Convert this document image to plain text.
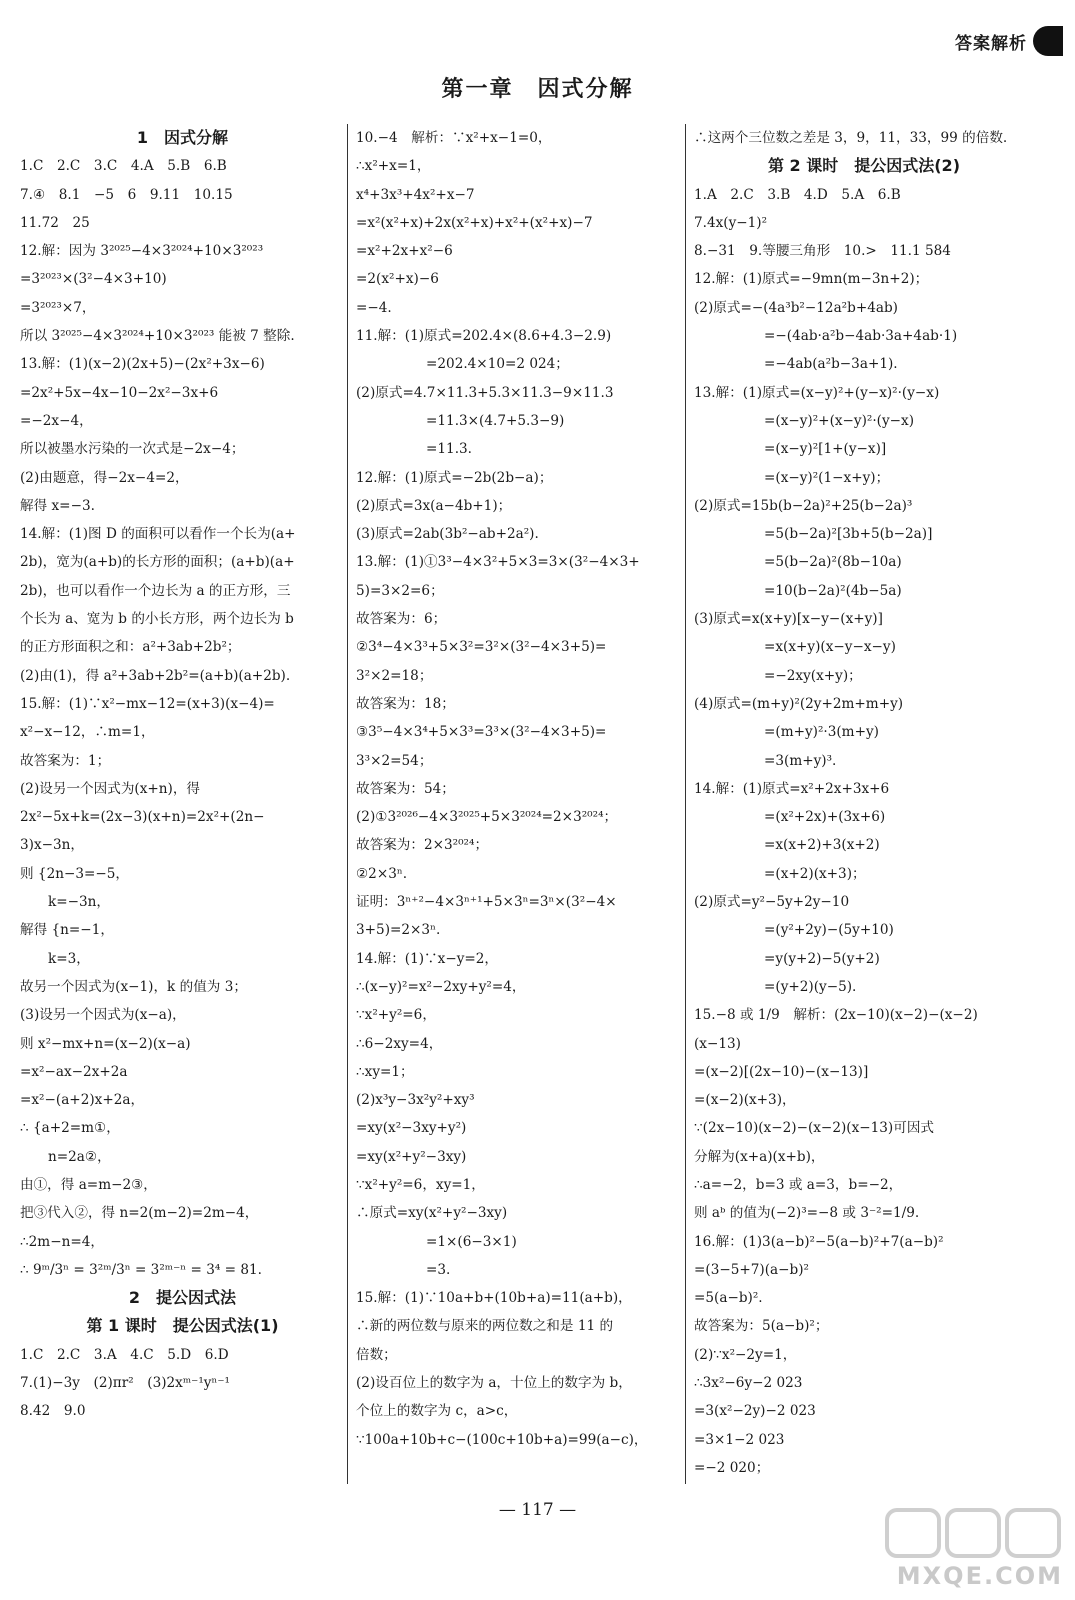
答案解析
第一章　因式分解
1　因式分解
1.C　2.C　3.C　4.A　5.B　6.B
7.④　8.1　−5　6　9.11　10.15
11.72　25
12.解：因为 3²⁰²⁵−4×3²⁰²⁴+10×3²⁰²³
=3²⁰²³×(3²−4×3+10)
=3²⁰²³×7，
所以 3²⁰²⁵−4×3²⁰²⁴+10×3²⁰²³ 能被 7 整除.
13.解：(1)(x−2)(2x+5)−(2x²+3x−6)
=2x²+5x−4x−10−2x²−3x+6
=−2x−4，
所以被墨水污染的一次式是−2x−4；
(2)由题意，得−2x−4=2，
解得 x=−3.
14.解：(1)图 D 的面积可以看作一个长为(a+
2b)，宽为(a+b)的长方形的面积；(a+b)(a+
2b)，也可以看作一个边长为 a 的正方形，三
个长为 a、宽为 b 的小长方形，两个边长为 b
的正方形面积之和：a²+3ab+2b²；
(2)由(1)，得 a²+3ab+2b²=(a+b)(a+2b).
15.解：(1)∵x²−mx−12=(x+3)(x−4)=
x²−x−12，∴m=1，
故答案为：1；
(2)设另一个因式为(x+n)，得
2x²−5x+k=(2x−3)(x+n)=2x²+(2n−
3)x−3n，
则 {2n−3=−5，
k=−3n，
解得 {n=−1，
k=3，
故另一个因式为(x−1)，k 的值为 3；
(3)设另一个因式为(x−a)，
则 x²−mx+n=(x−2)(x−a)
=x²−ax−2x+2a
=x²−(a+2)x+2a，
∴ {a+2=m①，
n=2a②，
由①，得 a=m−2③，
把③代入②，得 n=2(m−2)=2m−4，
∴2m−n=4，
∴ 9ᵐ/3ⁿ = 3²ᵐ/3ⁿ = 3²ᵐ⁻ⁿ = 3⁴ = 81.
2　提公因式法
第 1 课时　提公因式法(1)
1.C　2.C　3.A　4.C　5.D　6.D
7.(1)−3y　(2)πr²　(3)2xᵐ⁻¹yⁿ⁻¹
8.42　9.0
10.−4　解析：∵x²+x−1=0，
∴x²+x=1，
x⁴+3x³+4x²+x−7
=x²(x²+x)+2x(x²+x)+x²+(x²+x)−7
=x²+2x+x²−6
=2(x²+x)−6
=−4.
11.解：(1)原式=202.4×(8.6+4.3−2.9)
=202.4×10=2 024；
(2)原式=4.7×11.3+5.3×11.3−9×11.3
=11.3×(4.7+5.3−9)
=11.3.
12.解：(1)原式=−2b(2b−a)；
(2)原式=3x(a−4b+1)；
(3)原式=2ab(3b²−ab+2a²).
13.解：(1)①3³−4×3²+5×3=3×(3²−4×3+
5)=3×2=6；
故答案为：6；
②3⁴−4×3³+5×3²=3²×(3²−4×3+5)=
3²×2=18；
故答案为：18；
③3⁵−4×3⁴+5×3³=3³×(3²−4×3+5)=
3³×2=54；
故答案为：54；
(2)①3²⁰²⁶−4×3²⁰²⁵+5×3²⁰²⁴=2×3²⁰²⁴；
故答案为：2×3²⁰²⁴；
②2×3ⁿ.
证明：3ⁿ⁺²−4×3ⁿ⁺¹+5×3ⁿ=3ⁿ×(3²−4×
3+5)=2×3ⁿ.
14.解：(1)∵x−y=2，
∴(x−y)²=x²−2xy+y²=4，
∵x²+y²=6，
∴6−2xy=4，
∴xy=1；
(2)x³y−3x²y²+xy³
=xy(x²−3xy+y²)
=xy(x²+y²−3xy)
∵x²+y²=6，xy=1，
∴原式=xy(x²+y²−3xy)
=1×(6−3×1)
=3.
15.解：(1)∵10a+b+(10b+a)=11(a+b)，
∴新的两位数与原来的两位数之和是 11 的
倍数；
(2)设百位上的数字为 a，十位上的数字为 b，
个位上的数字为 c，a>c，
∵100a+10b+c−(100c+10b+a)=99(a−c)，
∴这两个三位数之差是 3，9，11，33，99 的倍数.
第 2 课时　提公因式法(2)
1.A　2.C　3.B　4.D　5.A　6.B
7.4x(y−1)²
8.−31　9.等腰三角形　10.>　11.1 584
12.解：(1)原式=−9mn(m−3n+2)；
(2)原式=−(4a³b²−12a²b+4ab)
=−(4ab·a²b−4ab·3a+4ab·1)
=−4ab(a²b−3a+1).
13.解：(1)原式=(x−y)²+(y−x)²·(y−x)
=(x−y)²+(x−y)²·(y−x)
=(x−y)²[1+(y−x)]
=(x−y)²(1−x+y)；
(2)原式=15b(b−2a)²+25(b−2a)³
=5(b−2a)²[3b+5(b−2a)]
=5(b−2a)²(8b−10a)
=10(b−2a)²(4b−5a)
(3)原式=x(x+y)[x−y−(x+y)]
=x(x+y)(x−y−x−y)
=−2xy(x+y)；
(4)原式=(m+y)²(2y+2m+m+y)
=(m+y)²·3(m+y)
=3(m+y)³.
14.解：(1)原式=x²+2x+3x+6
=(x²+2x)+(3x+6)
=x(x+2)+3(x+2)
=(x+2)(x+3)；
(2)原式=y²−5y+2y−10
=(y²+2y)−(5y+10)
=y(y+2)−5(y+2)
=(y+2)(y−5).
15.−8 或 1/9　解析：(2x−10)(x−2)−(x−2)
(x−13)
=(x−2)[(2x−10)−(x−13)]
=(x−2)(x+3)，
∵(2x−10)(x−2)−(x−2)(x−13)可因式
分解为(x+a)(x+b)，
∴a=−2，b=3 或 a=3，b=−2，
则 aᵇ 的值为(−2)³=−8 或 3⁻²=1/9.
16.解：(1)3(a−b)²−5(a−b)²+7(a−b)²
=(3−5+7)(a−b)²
=5(a−b)².
故答案为：5(a−b)²；
(2)∵x²−2y=1，
∴3x²−6y−2 023
=3(x²−2y)−2 023
=3×1−2 023
=−2 020；
— 117 —
MXQE.COM
